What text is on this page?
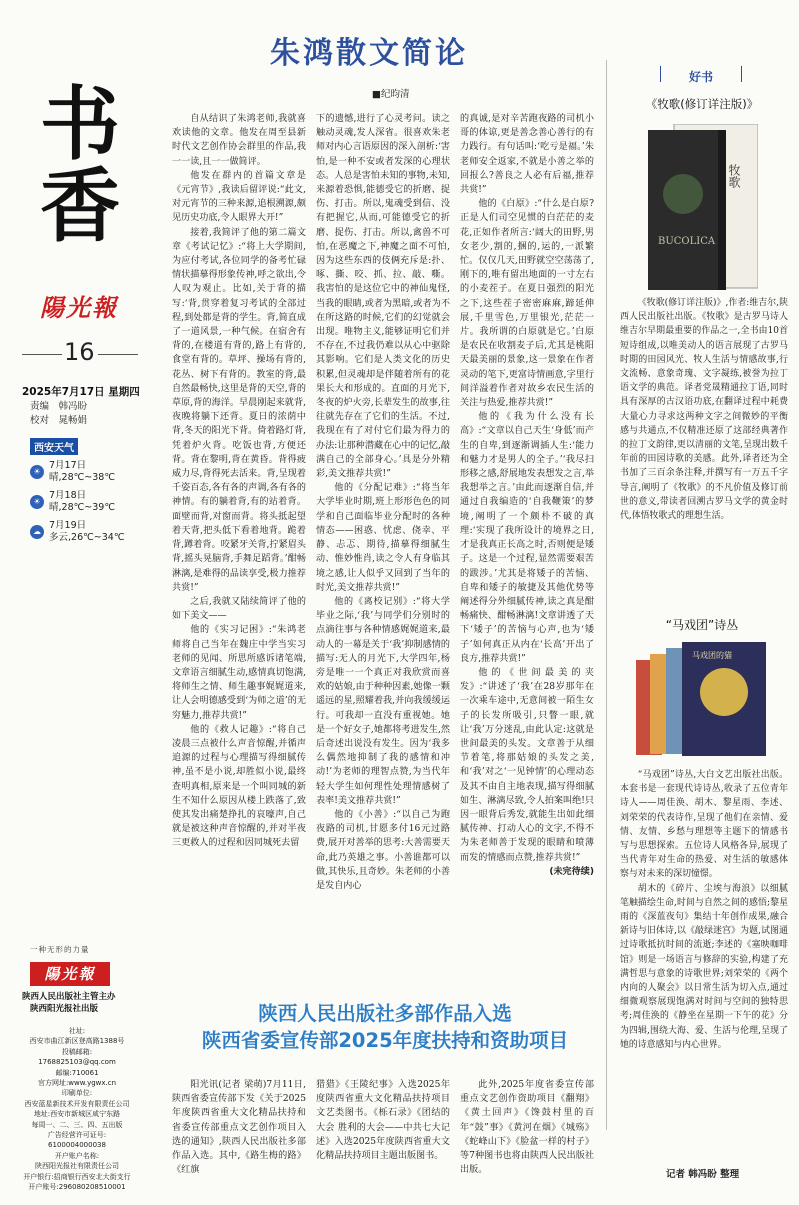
书
香
陽光報
16
2025年7月17日 星期四
责编　韩冯盼
校对　晁畅娟
西安天气
☀
7月17日
晴,28℃~38℃
☀
7月18日
晴,28℃~39℃
☁
7月19日
多云,26℃~34℃
一种无形的力量
陽光報
陕西人民出版社主管主办
陕西阳光报社出版
社址:
西安市曲江新区登高路1388号
投稿邮箱:
1768825103@qq.com
邮编:710061
官方网址:www.ygwx.cn
印刷单位:
西安蓝星新技术开发有限责任公司
地址:西安市新城区咸宁东路
每周一、二、三、四、五出版
广告经营许可证号:
6100004000038
开户账户名称:
陕西阳光报社有限责任公司
开户银行:招商银行西安北大街支行
开户账号:296080208510001
朱鸿散文简论
■纪昀清

自从结识了朱鸿老师,我就喜欢读他的文章。他发在周至县新时代文艺创作协会群里的作品,我一一读,且一一做简评。

他发在群内的首篇文章是《元宵节》,我读后留评说:“此文,对元宵节的三种来源,追根溯源,颇见历史功底,令人眼界大开!”

接着,我简评了他的第二篇文章《考试记忆》:“将上大学期间,为应付考试,各位同学的备考忙碌情状描摹得形象传神,呼之欲出,令人叹为观止。比如,关于背的描写:‘背,贯穿着复习考试的全部过程,到处都是背的学生。背,简直成了一道风景,一种气候。在宿舍有背的,在楼道有背的,路上有背的,食堂有背的。草坪、操场有背的,花丛、树下有背的。教室的背,最自然最畅快,这里是背的天空,背的草原,背的海洋。早晨刚起来就背,夜晚将躺下还背。夏日的浓荫中背,冬天的阳光下背。倚着路灯背,凭着炉火背。吃饭也背,方便还背。背在黎明,背在黄昏。背得疲威力尽,背得死去活来。背,呈现着千姿百态,各有各的声调,各有各的神情。有的躺着背,有的站着背。面壁而背,对窗而背。将头抵起望着天背,把头低下看着地背。跪着背,蹲着背。咬紧牙关背,拧紧眉头背,摇头晃脑背,手舞足蹈背。’酣畅淋漓,是难得的品读享受,极力推荐共赏!”

之后,我就又陆续简评了他的如下美文——

他的《实习记困》:“朱鸿老师将自己当年在魏庄中学当实习老师的见闻、所思所感诉诸笔端,文章语言细腻生动,感情真切饱满,将师生之情、师生趣事娓娓道来,让人会明德感受到‘为师之道’的无穷魅力,推荐共赏!”

他的《救人记趣》:“将自己凌晨三点被什么声音惊醒,并循声追源的过程与心理描写得细腻传神,虽不是小说,却胜似小说,最终查明真相,原来是一个叫同城的新生不知什么原因从楼上跌落了,致使其发出痛楚挣扎的哀嚎声,自己就是被这种声音惊醒的,并对半夜三更救人的过程和因同城死去留

下的遗憾,进行了心灵考问。读之触动灵魂,发人深省。很喜欢朱老师对内心言语原因的深入剖析:‘害怕,是一种不安或者发深的心理状态。人总是害怕未知的事物,未知,来源着恐惧,能德受它的折磨、捉伤、打击。所以,鬼魂受到信、没有把握它,从而,可能德受它的折磨、捉伤、打击。所以,禽兽不可怕,在恶魔之下,神魔之面不可怕,因为这些东西的伎俩充斥是:扑、啄、撕、咬、抓、拉、敲、嘶。我害怕的是这位它中的神仙鬼怪,当我的眼睛,或者为黑暗,或者为不在所这路的时候,它们的幻觉就会出现。唯物主义,能够证明它们并不存在,不过我仍难以从心中驱除其影响。它们是人类文化的历史积累,但灵魂却是伴随着所有的花果长大和形成的。直面的月光下,冬夜的炉火旁,长辈发生的故事,往往就先存在了它们的生活。不过,我现在有了对付它们最为得力的办法:让那种潜藏在心中的记忆,敲满自己的全部身心。’具是分外精彩,美文推荐共赏!”

他的《分配记难》:“将当年大学毕业时期,班上形形色色的同学和自己面临毕业分配时的各种情态——困惑、忧虑、侥幸、平静、忐忑、期待,描摹得细腻生动、惟妙惟肖,读之令人有身临其境之感,让人似乎又回到了当年的时光,美文推荐共赏!”

他的《离校记别》:“将大学毕业之际,‘我’与同学们分别时的点滴往事与各种情感娓娓道来,最动人的一幕是关于‘我’抑制感情的描写:无人的月光下,大学四年,杨旁是唯一一个真正对我欣赏而喜欢的姑娘,由于种种因素,她像一颗遥远的星,照耀着我,并向我缓缓运行。可我却一直没有重视她。她是一个好女子,她都将考进发生,然后奇述出说没有发生。因为‘我多么偶然地抑制了我的感情和冲动!’为老师的理智点赞,为当代年轻大学生如何理性处理情感树了表率!美文推荐共赏!”

他的《小善》:“以自己为跑夜路的司机,甘愿多付16元过路费,展开对善举的思考:大善需要天命,此乃英雄之事。小善谁都可以做,其快乐,且奇妙。朱老师的小善是发自内心

的真诚,是对辛苦跑夜路的司机小哥的体谅,更是善念善心善行的有力践行。有句话叫:‘吃亏是福。’朱老师安全返家,不就是小善之举的回报么?善良之人必有后福,推荐共赏!”

他的《白原》:“什么是白原?正是人们司空见惯的白茫茫的麦花,正如作者所言:‘阔大的田野,男女老少,割的,捆的,运的,一派繁忙。仅仅几天,田野就空空荡荡了,刚下的,唯有留出地面的一寸左右的小麦茬子。在夏日强烈的阳光之下,这些茬子密密麻麻,蹄延伸展,千里雪色,万里银光,茫茫一片。我所谓的白原就是它。’白原是农民在收割麦子后,尤其是桃阳天最美丽的景象,这一景象在作者灵动的笔下,更富诗情画意,字里行间洋溢着作者对故乡农民生活的关注与热爱,推荐共赏!”

他的《我为什么没有长高》:“文章以自己天生‘身低’而产生的自卑,到逐渐调插人生:‘能力和魅力才是男人的全子。’‘我尽扫形移之感,舒展地发表想发之言,举我想举之言。’由此而逐渐自信,并通过自我编造的‘自我鞭策’的梦境,阐明了一个颇朴不破的真理:‘实现了我所设计的境界之日,才是我真正长高之时,否则便是矮子。这是一个过程,显然需要艰苦的跋涉。’尤其是将矮子的苦恼、自卑和矮子的敏捷及其他优势等阐述得分外细腻传神,读之真是酣畅痛快、酣畅淋漓!文章讲透了天下‘矮子’的苦恼与心声,也为‘矮子’如何真正从内在‘长高’开出了良方,推荐共赏!”

他的《世间最美的夹发》:“讲述了‘我’在28岁那年在一次乘车途中,无意间被一陌生女子的长发所吸引,只瞥一眼,就让‘我’万分迷乱,由此认定:这就是世间最美的头发。文章善于从细节着笔,将那姑娘的头发之美,和‘我’对之‘一见钟情’的心理动态及其不由自主地表现,描写得细腻如生、淋漓尽致,令人拍案叫绝!只因一眼背后秀发,就能生出如此细腻传神、打动人心的文字,不得不为朱老师善于发现的眼睛和喷薄而发的情感而点赞,推荐共赏!”

(未完待续)
好书
《牧歌(修订详注版)》
BUCOLICA
牧歌

《牧歌(修订详注版)》,作者:维吉尔,陕西人民出版社出版。《牧歌》是古罗马诗人维吉尔早期最重要的作品之一,全书由10首短诗组成,以唯美动人的语言展现了古罗马时期的田园风光、牧人生活与情感故事,行文流畅、意象奇瑰、文字凝练,被誉为拉丁语文学的典范。译者党晟精通拉丁语,同时具有深厚的古汉语功底,在翻译过程中耗费大量心力寻求这两种文字之间微妙的平衡感与共通点,不仅精准还原了这部经典著作的拉丁文韵律,更以清丽的文笔,呈现出数千年前的田园诗歌的美感。此外,译者还为全书加了三百余条注释,并撰写有一万五千字导言,阐明了《牧歌》的不凡价值及修订前世的意义,带读者回溯古罗马文学的黄金时代,体悟牧歌式的理想生活。

“马戏团”诗丛
马戏团的猫

“马戏团”诗丛,大白文艺出版社出版。本套书是一套现代诗诗丛,收录了五位青年诗人——周佳涣、胡木、黎星雨、李述、刘荣荣的代表诗作,呈现了他们在亲情、爱情、友情、乡愁与理想等主题下的情感书写与思想探索。五位诗人风格各异,展现了当代青年对生命的热爱、对生活的敏感体察与对未来的深切憧憬。

胡木的《碎片、尘埃与海浪》以细腻笔触描绘生命,时间与自然之间的感悟;黎星雨的《深蓝夜句》集结十年创作成果,融合新诗与旧体诗,以《敲绿迷宫》为题,试图通过诗歌抵抗时间的流逝;李述的《塞映咖啡馆》则是一场语言与修辞的实验,构建了充满哲思与意象的诗歌世界;刘荣荣的《两个内向的人聚会》以日常生活为切入点,通过细微观察展现饱满对时间与空间的独特思考;周佳涣的《静坐在星期一下午的花》分为四辑,围绕大海、爱、生活与伦理,呈现了她的诗意感知与内心世界。

记者 韩冯盼 整理
陕西人民出版社多部作品入选
陕西省委宣传部2025年度扶持和资助项目

阳光讯(记者 梁萌)7月11日,陕西省委宣传部下发《关于2025年度陕西省重大文化精品扶持和省委宣传部重点文艺创作项目入选的通知》,陕西人民出版社多部作品入选。其中,《路生梅的路》《红旗

猎猎》《王陵纪事》入选2025年度陕西省重大文化精品扶持项目文艺类图书。《栎石录》《团结的大会 胜利的大会——中共七大记述》入选2025年度陕西省重大文化精品扶持项目主题出版图书。

此外,2025年度省委宣传部重点文艺创作资助项目《翻翔》《黄土回声》《馋鼓村里的百年“鼓”事》《黄河在烟》《城殇》《蛇峰山下》《脸盆一样的村子》等7种图书也将由陕西人民出版社出版。
